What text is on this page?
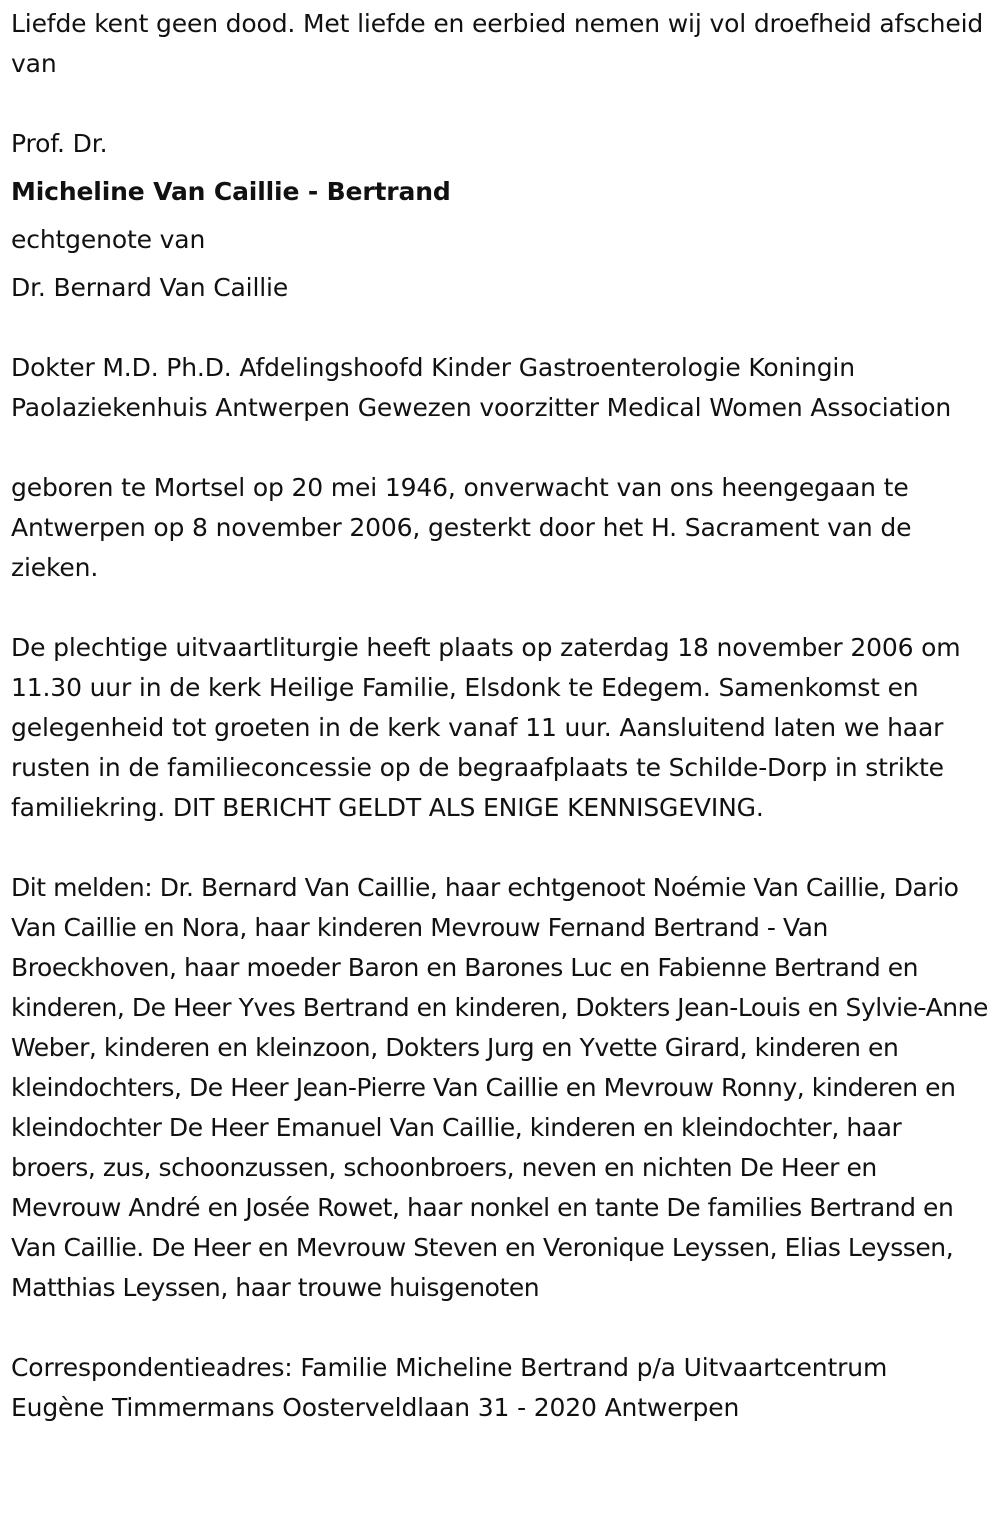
Liefde kent geen dood. Met liefde en eerbied nemen wij vol droefheid afscheid van

Prof. Dr.

Micheline Van Caillie - Bertrand

echtgenote van

Dr. Bernard Van Caillie

Dokter M.D. Ph.D. Afdelingshoofd Kinder Gastroenterologie Koningin Paolaziekenhuis Antwerpen Gewezen voorzitter Medical Women Association

geboren te Mortsel op 20 mei 1946, onverwacht van ons heengegaan te Antwerpen op 8 november 2006, gesterkt door het H. Sacrament van de zieken.

De plechtige uitvaartliturgie heeft plaats op zaterdag 18 november 2006 om 11.30 uur in de kerk Heilige Familie, Elsdonk te Edegem. Samenkomst en gelegenheid tot groeten in de kerk vanaf 11 uur. Aansluitend laten we haar rusten in de familieconcessie op de begraafplaats te Schilde-Dorp in strikte familiekring. DIT BERICHT GELDT ALS ENIGE KENNISGEVING.

Dit melden: Dr. Bernard Van Caillie, haar echtgenoot Noémie Van Caillie, Dario Van Caillie en Nora, haar kinderen Mevrouw Fernand Bertrand - Van Broeckhoven, haar moeder Baron en Barones Luc en Fabienne Bertrand en kinderen, De Heer Yves Bertrand en kinderen, Dokters Jean-Louis en Sylvie-Anne Weber, kinderen en kleinzoon, Dokters Jurg en Yvette Girard, kinderen en kleindochters, De Heer Jean-Pierre Van Caillie en Mevrouw Ronny, kinderen en kleindochter De Heer Emanuel Van Caillie, kinderen en kleindochter, haar broers, zus, schoonzussen, schoonbroers, neven en nichten De Heer en Mevrouw André en Josée Rowet, haar nonkel en tante De families Bertrand en Van Caillie. De Heer en Mevrouw Steven en Veronique Leyssen, Elias Leyssen, Matthias Leyssen, haar trouwe huisgenoten

Correspondentieadres: Familie Micheline Bertrand p/a Uitvaartcentrum Eugène Timmermans Oosterveldlaan 31 - 2020 Antwerpen
